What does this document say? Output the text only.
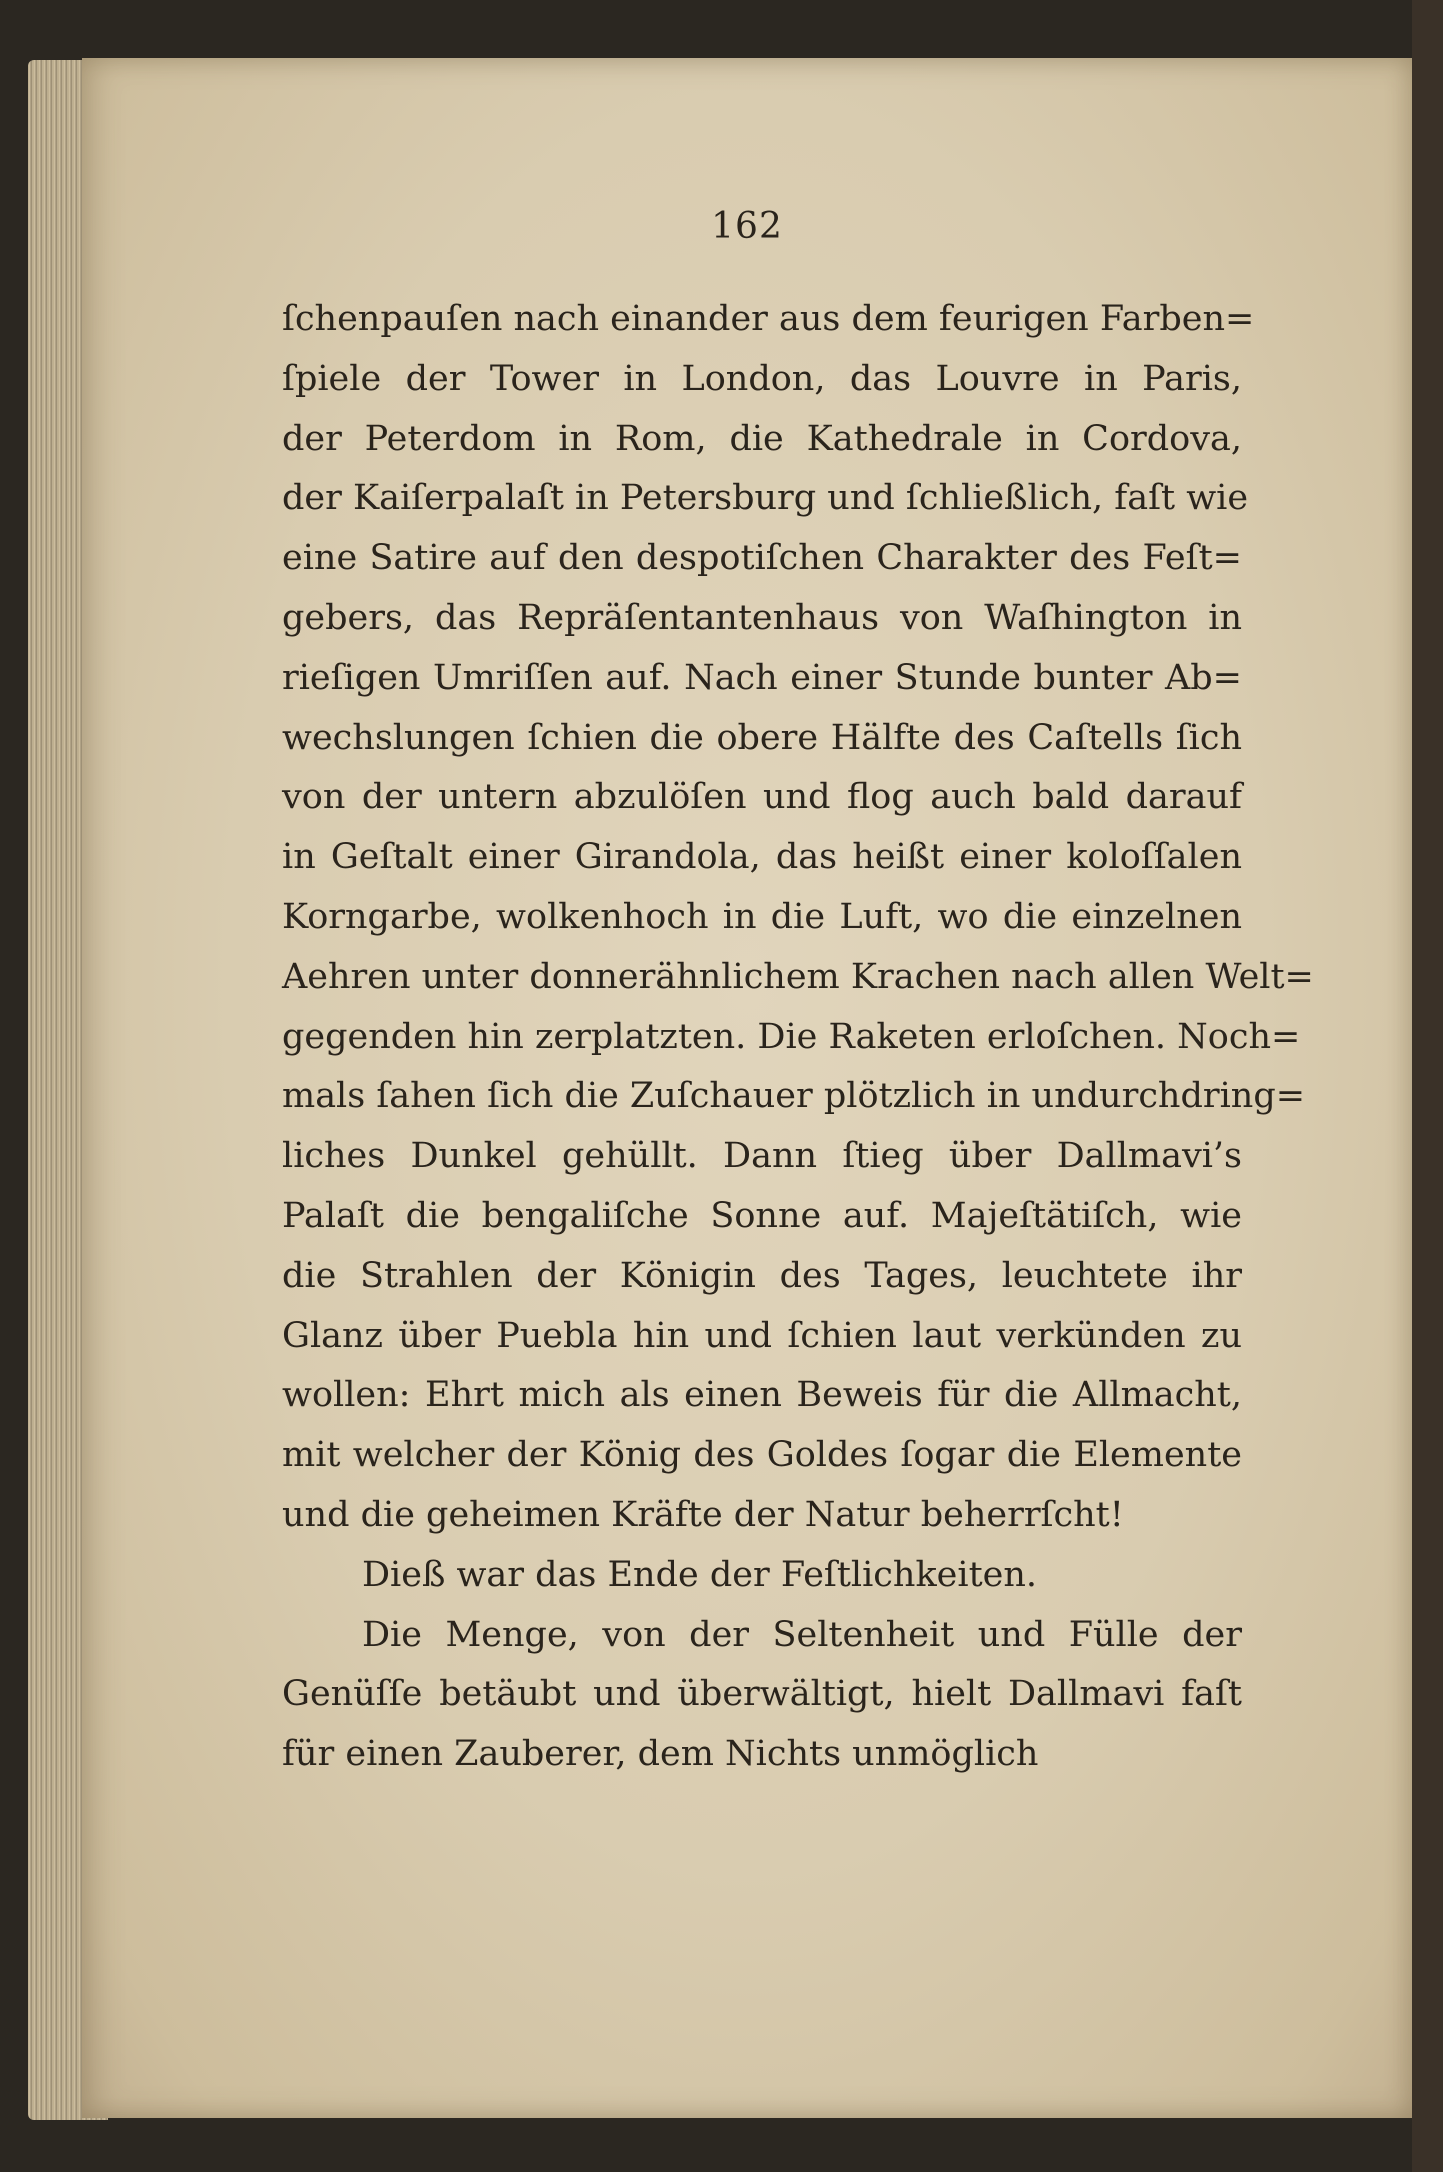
162
ſchenpauſen nach einander aus dem feurigen Farben=
ſpiele der Tower in London, das Louvre in Paris,
der Peterdom in Rom, die Kathedrale in Cordova,
der Kaiſerpalaſt in Petersburg und ſchließlich, faſt wie
eine Satire auf den despotiſchen Charakter des Feſt=
gebers, das Repräſentantenhaus von Waſhington in
rieſigen Umriſſen auf. Nach einer Stunde bunter Ab=
wechslungen ſchien die obere Hälfte des Caſtells ſich
von der untern abzulöſen und flog auch bald darauf
in Geſtalt einer Girandola, das heißt einer koloſſalen
Korngarbe, wolkenhoch in die Luft, wo die einzelnen
Aehren unter donnerähnlichem Krachen nach allen Welt=
gegenden hin zerplatzten. Die Raketen erloſchen. Noch=
mals ſahen ſich die Zuſchauer plötzlich in undurchdring=
liches Dunkel gehüllt. Dann ſtieg über Dallmavi’s
Palaſt die bengaliſche Sonne auf. Majeſtätiſch, wie
die Strahlen der Königin des Tages, leuchtete ihr
Glanz über Puebla hin und ſchien laut verkünden zu
wollen: Ehrt mich als einen Beweis für die Allmacht,
mit welcher der König des Goldes ſogar die Elemente
und die geheimen Kräfte der Natur beherrſcht!
Dieß war das Ende der Feſtlichkeiten.
Die Menge, von der Seltenheit und Fülle der
Genüſſe betäubt und überwältigt, hielt Dallmavi faſt
für einen Zauberer, dem Nichts unmöglich
